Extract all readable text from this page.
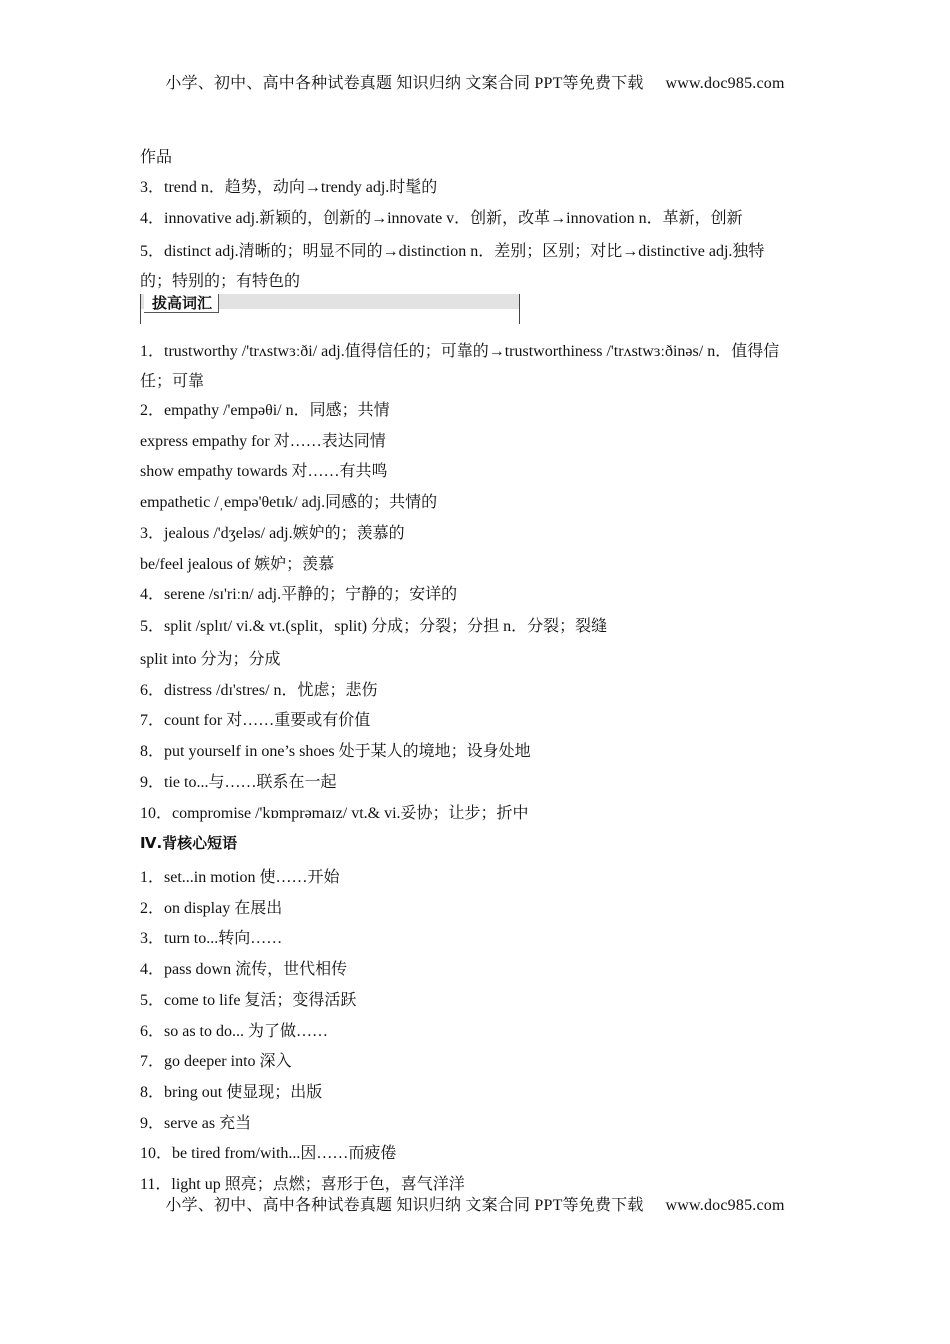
小学、初中、高中各种试卷真题 知识归纳 文案合同 PPT等免费下载 www.doc985.com
作品
3．trend n．趋势，动向→trendy adj.时髦的
4．innovative adj.新颖的，创新的→innovate v．创新，改革→innovation n．革新，创新
5．distinct adj.清晰的；明显不同的→distinction n．差别；区别；对比→distinctive adj.独特
的；特别的；有特色的
拔高词汇
1．trustworthy /'trʌstwɜːði/ adj.值得信任的；可靠的→trustworthiness /'trʌstwɜːðinəs/ n．值得信
任；可靠
2．empathy /'empəθi/ n．同感；共情
express empathy for 对……表达同情
show empathy towards 对……有共鸣
empathetic /ˌempə'θetɪk/ adj.同感的；共情的
3．jealous /'dʒeləs/ adj.嫉妒的；羡慕的
be/feel jealous of 嫉妒；羡慕
4．serene /sɪ'riːn/ adj.平静的；宁静的；安详的
5．split /splɪt/ vi.& vt.(split，split) 分成；分裂；分担 n．分裂；裂缝
split into 分为；分成
6．distress /dɪ'stres/ n．忧虑；悲伤
7．count for 对……重要或有价值
8．put yourself in one’s shoes 处于某人的境地；设身处地
9．tie to...与……联系在一起
10．compromise /'kɒmprəmaɪz/ vt.& vi.妥协；让步；折中
Ⅳ.背核心短语
1．set...in motion 使……开始
2．on display 在展出
3．turn to...转向……
4．pass down 流传，世代相传
5．come to life 复活；变得活跃
6．so as to do... 为了做……
7．go deeper into 深入
8．bring out 使显现；出版
9．serve as 充当
10．be tired from/with...因……而疲倦
11．light up 照亮；点燃；喜形于色，喜气洋洋
小学、初中、高中各种试卷真题 知识归纳 文案合同 PPT等免费下载 www.doc985.com
